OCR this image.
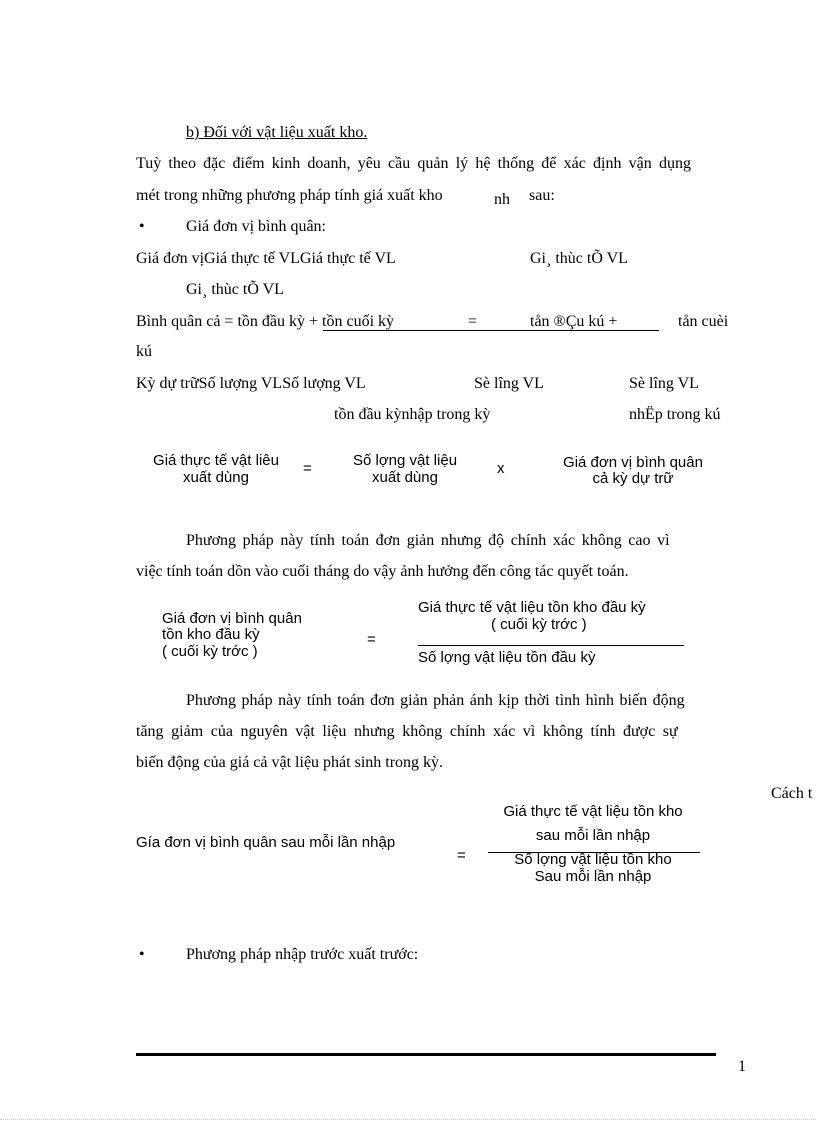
b) Đối với vật liệu xuất kho.
Tuỳ theo đặc điểm kinh doanh, yêu cầu quản lý hệ thống để xác định vận dụng
mét trong những phương pháp tính giá xuất kho	nh sau:
•	Giá đơn vị bình quân:
Giá đơn vịGiá thực tế VLGiá thực tế VL	Gi¸ thùc tÕ VL
Gi¸ thùc tÕ VL
Bình quân cả = tồn đầu kỳ + tồn cuối kỳ	=	tån ®Çu kú +	tån cuèi
kú
Kỳ dự trữSố lượng VLSố lượng VL	Sè lîng VL	Sè lîng VL
tồn đầu kỳnhập trong kỳ	nhËp trong kú
Giá thực tế vật liêu
xuất dùng
=	Số lợng vật liệu
xuất dùng
x	Giá đơn vị bình quân
cả kỳ dự trữ
Phương pháp này tính toán đơn giản nhưng độ chính xác không cao vì
việc tính toán dồn vào cuối tháng do vậy ảnh hưởng đến công tác quyết toán.
Giá đơn vị bình quân
tồn kho đầu kỳ
( cuối kỳ trớc )
=
Giá thực tế vật liệu tồn kho đầu kỳ
( cuối kỳ trớc )
Số lợng vật liệu tồn đầu kỳ
Phương pháp này tính toán đơn giản phản ánh kịp thời tình hình biến động
tăng giảm của nguyên vật liệu nhưng không chính xác vì không tính được sự
biến động của giá cả vật liệu phát sinh trong kỳ.
Cách t
Gía đơn vị bình quân sau mỗi lần nhập
=
Giá thực tế vật liệu tồn kho
sau mỗi lần nhập
Số lợng vật liệu tồn kho
Sau mỗi lần nhập
•	Phương pháp nhập trước xuất trước:
1
